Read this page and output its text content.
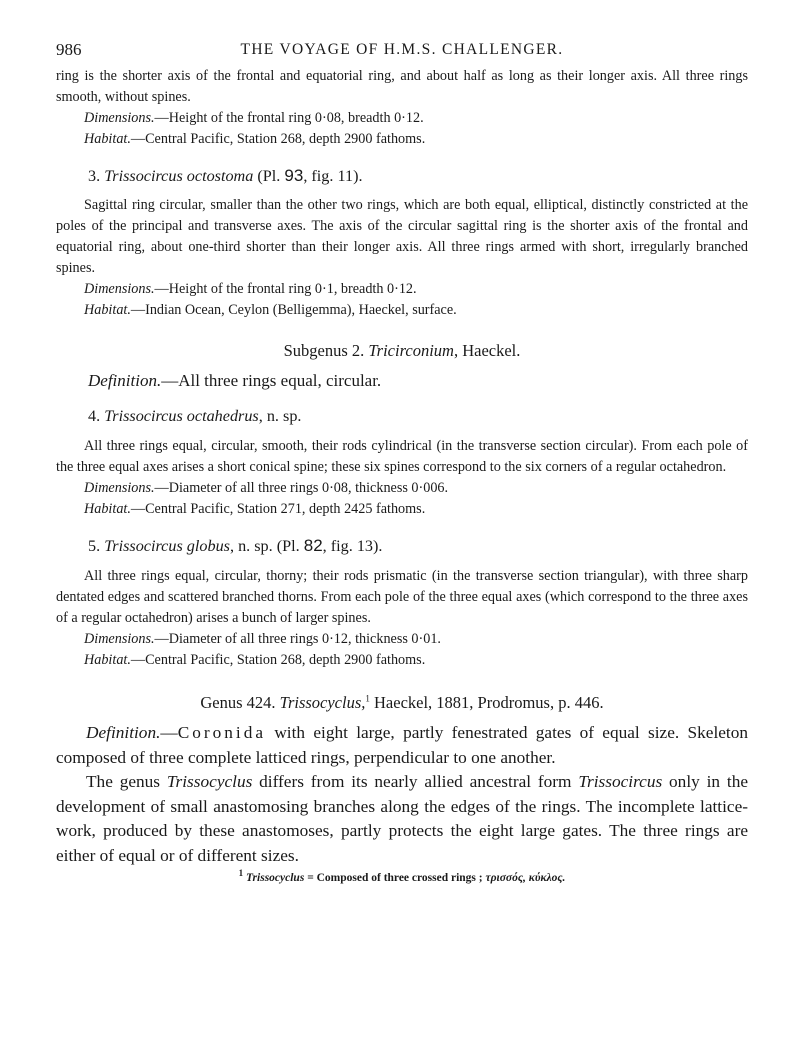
986	THE VOYAGE OF H.M.S. CHALLENGER.

ring is the shorter axis of the frontal and equatorial ring, and about half as long as their longer axis. All three rings smooth, without spines.

Dimensions.—Height of the frontal ring 0·08, breadth 0·12.

Habitat.—Central Pacific, Station 268, depth 2900 fathoms.

3. Trissocircus octostoma (Pl. 93, fig. 11).

Sagittal ring circular, smaller than the other two rings, which are both equal, elliptical, distinctly constricted at the poles of the principal and transverse axes. The axis of the circular sagittal ring is the shorter axis of the frontal and equatorial ring, about one-third shorter than their longer axis. All three rings armed with short, irregularly branched spines.

Dimensions.—Height of the frontal ring 0·1, breadth 0·12.

Habitat.—Indian Ocean, Ceylon (Belligemma), Haeckel, surface.

Subgenus 2. Tricirconium, Haeckel.

Definition.—All three rings equal, circular.

4. Trissocircus octahedrus, n. sp.

All three rings equal, circular, smooth, their rods cylindrical (in the transverse section circular). From each pole of the three equal axes arises a short conical spine; these six spines correspond to the six corners of a regular octahedron.

Dimensions.—Diameter of all three rings 0·08, thickness 0·006.

Habitat.—Central Pacific, Station 271, depth 2425 fathoms.

5. Trissocircus globus, n. sp. (Pl. 82, fig. 13).

All three rings equal, circular, thorny; their rods prismatic (in the transverse section triangular), with three sharp dentated edges and scattered branched thorns. From each pole of the three equal axes (which correspond to the three axes of a regular octahedron) arises a bunch of larger spines.

Dimensions.—Diameter of all three rings 0·12, thickness 0·01.

Habitat.—Central Pacific, Station 268, depth 2900 fathoms.

Genus 424. Trissocyclus,$^1$ Haeckel, 1881, Prodromus, p. 446.

Definition.—Coronida with eight large, partly fenestrated gates of equal size. Skeleton composed of three complete latticed rings, perpendicular to one another.

The genus Trissocyclus differs from its nearly allied ancestral form Trissocircus only in the development of small anastomosing branches along the edges of the rings. The incomplete lattice-work, produced by these anastomoses, partly protects the eight large gates. The three rings are either of equal or of different sizes.

$^1$ Trissocyclus = Composed of three crossed rings ; τρισσός, κύκλος.
